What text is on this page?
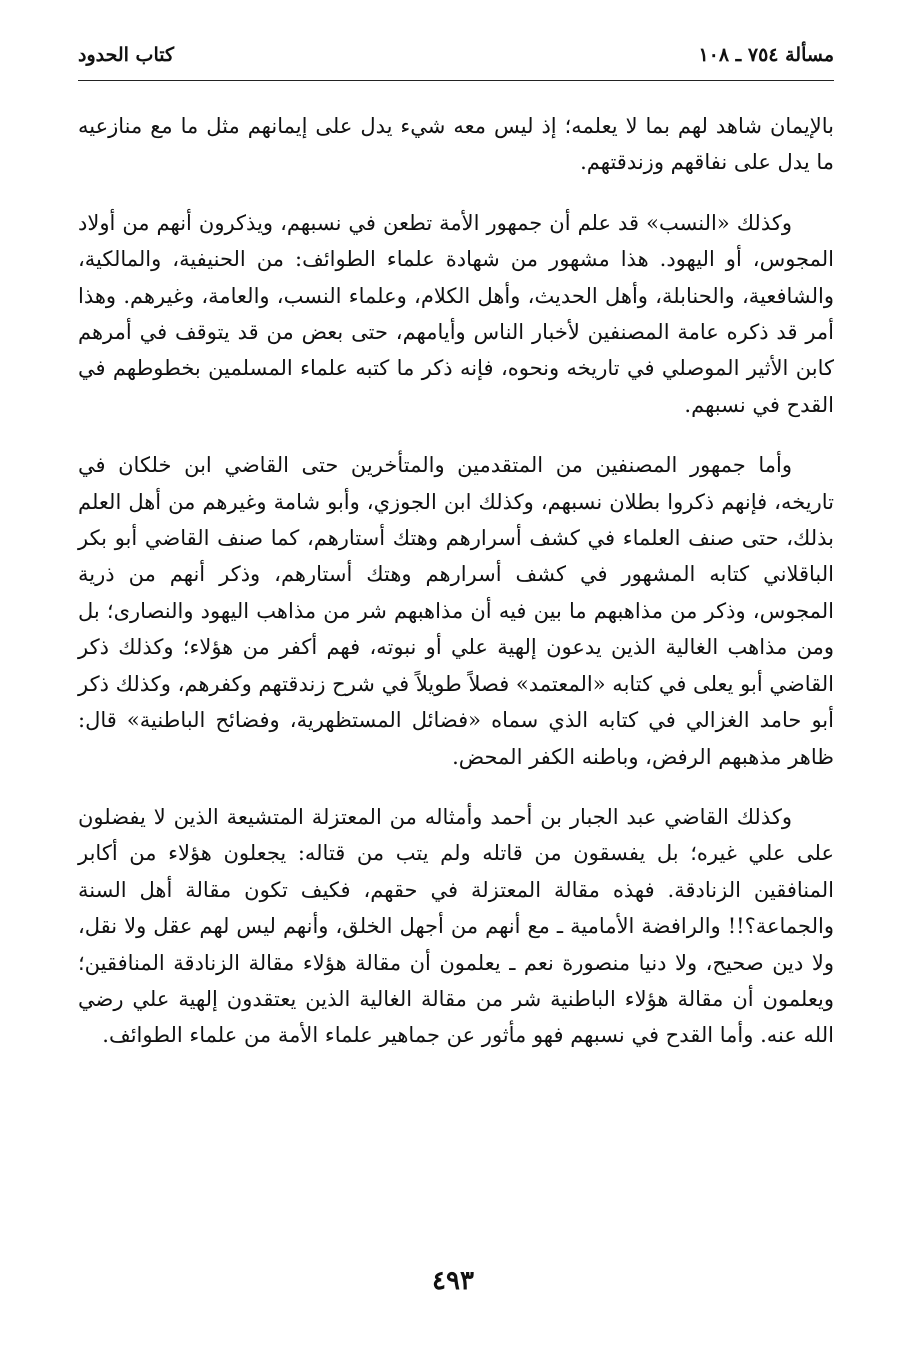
مسألة ٧٥٤ ـ ١٠٨
كتاب الحدود

بالإيمان شاهد لهم بما لا يعلمه؛ إذ ليس معه شيء يدل على إيمانهم مثل ما مع منازعيه ما يدل على نفاقهم وزندقتهم.

وكذلك «النسب» قد علم أن جمهور الأمة تطعن في نسبهم، ويذكرون أنهم من أولاد المجوس، أو اليهود. هذا مشهور من شهادة علماء الطوائف: من الحنيفية، والمالكية، والشافعية، والحنابلة، وأهل الحديث، وأهل الكلام، وعلماء النسب، والعامة، وغيرهم. وهذا أمر قد ذكره عامة المصنفين لأخبار الناس وأيامهم، حتى بعض من قد يتوقف في أمرهم كابن الأثير الموصلي في تاريخه ونحوه، فإنه ذكر ما كتبه علماء المسلمين بخطوطهم في القدح في نسبهم.

وأما جمهور المصنفين من المتقدمين والمتأخرين حتى القاضي ابن خلكان في تاريخه، فإنهم ذكروا بطلان نسبهم، وكذلك ابن الجوزي، وأبو شامة وغيرهم من أهل العلم بذلك، حتى صنف العلماء في كشف أسرارهم وهتك أستارهم، كما صنف القاضي أبو بكر الباقلاني كتابه المشهور في كشف أسرارهم وهتك أستارهم، وذكر أنهم من ذرية المجوس، وذكر من مذاهبهم ما بين فيه أن مذاهبهم شر من مذاهب اليهود والنصارى؛ بل ومن مذاهب الغالية الذين يدعون إلهية علي أو نبوته، فهم أكفر من هؤلاء؛ وكذلك ذكر القاضي أبو يعلى في كتابه «المعتمد» فصلاً طويلاً في شرح زندقتهم وكفرهم، وكذلك ذكر أبو حامد الغزالي في كتابه الذي سماه «فضائل المستظهرية، وفضائح الباطنية» قال: ظاهر مذهبهم الرفض، وباطنه الكفر المحض.

وكذلك القاضي عبد الجبار بن أحمد وأمثاله من المعتزلة المتشيعة الذين لا يفضلون على علي غيره؛ بل يفسقون من قاتله ولم يتب من قتاله: يجعلون هؤلاء من أكابر المنافقين الزنادقة. فهذه مقالة المعتزلة في حقهم، فكيف تكون مقالة أهل السنة والجماعة؟!! والرافضة الأمامية ـ مع أنهم من أجهل الخلق، وأنهم ليس لهم عقل ولا نقل، ولا دين صحيح، ولا دنيا منصورة نعم ـ يعلمون أن مقالة هؤلاء مقالة الزنادقة المنافقين؛ ويعلمون أن مقالة هؤلاء الباطنية شر من مقالة الغالية الذين يعتقدون إلهية علي رضي الله عنه. وأما القدح في نسبهم فهو مأثور عن جماهير علماء الأمة من علماء الطوائف.

٤٩٣
